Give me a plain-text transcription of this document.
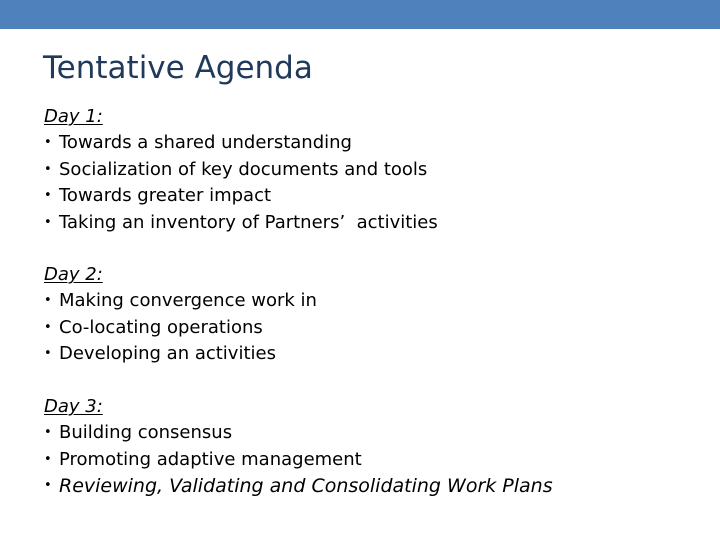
Tentative Agenda
Day 1:
• Towards a shared understanding
• Socialization of key documents and tools
• Towards greater impact
• Taking an inventory of Partners’  activities
Day 2:
• Making convergence work in
• Co-locating operations
• Developing an activities
Day 3:
• Building consensus
• Promoting adaptive management
• Reviewing, Validating and Consolidating Work Plans
